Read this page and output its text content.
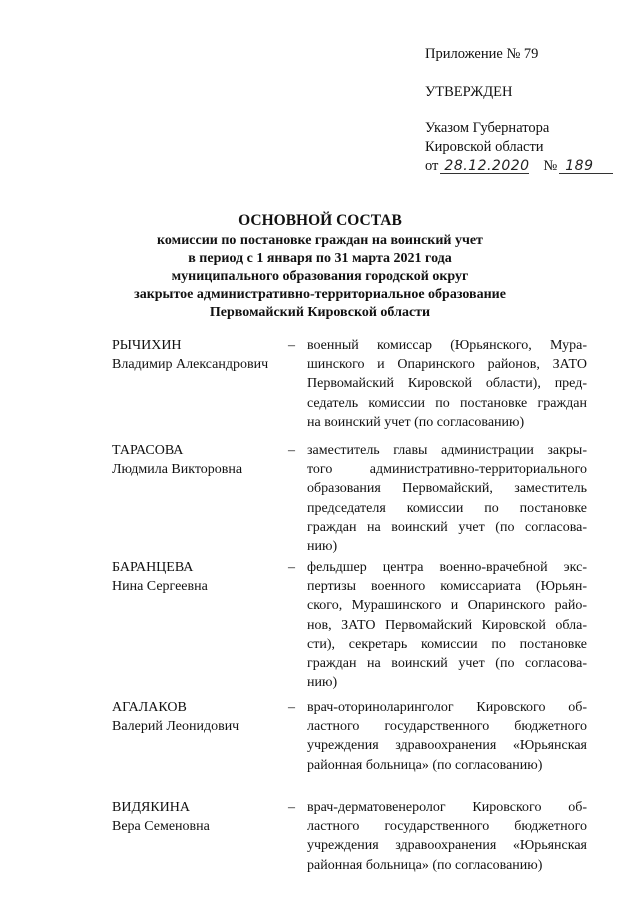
Приложение № 79
УТВЕРЖДЕН
Указом Губернатора
Кировской области
от 28.12.2020 № 189
ОСНОВНОЙ СОСТАВ
комиссии по постановке граждан на воинский учет
в период с 1 января по 31 марта 2021 года
муниципального образования городской округ
закрытое административно-территориальное образование
Первомайский Кировской области
РЫЧИХИН
Владимир Александрович
– военный комиссар (Юрьянского, Мура-
шинского и Опаринского районов, ЗАТО
Первомайский Кировской области), пред-
седатель комиссии по постановке граждан
на воинский учет (по согласованию)
ТАРАСОВА
Людмила Викторовна
– заместитель главы администрации закры-
того административно-территориального
образования Первомайский, заместитель
председателя комиссии по постановке
граждан на воинский учет (по согласова-
нию)
БАРАНЦЕВА
Нина Сергеевна
– фельдшер центра военно-врачебной экс-
пертизы военного комиссариата (Юрьян-
ского, Мурашинского и Опаринского райо-
нов, ЗАТО Первомайский Кировской обла-
сти), секретарь комиссии по постановке
граждан на воинский учет (по согласова-
нию)
АГАЛАКОВ
Валерий Леонидович
– врач-оториноларинголог Кировского об-
ластного государственного бюджетного
учреждения здравоохранения «Юрьянская
районная больница» (по согласованию)
ВИДЯКИНА
Вера Семеновна
– врач-дерматовенеролог Кировского об-
ластного государственного бюджетного
учреждения здравоохранения «Юрьянская
районная больница» (по согласованию)
